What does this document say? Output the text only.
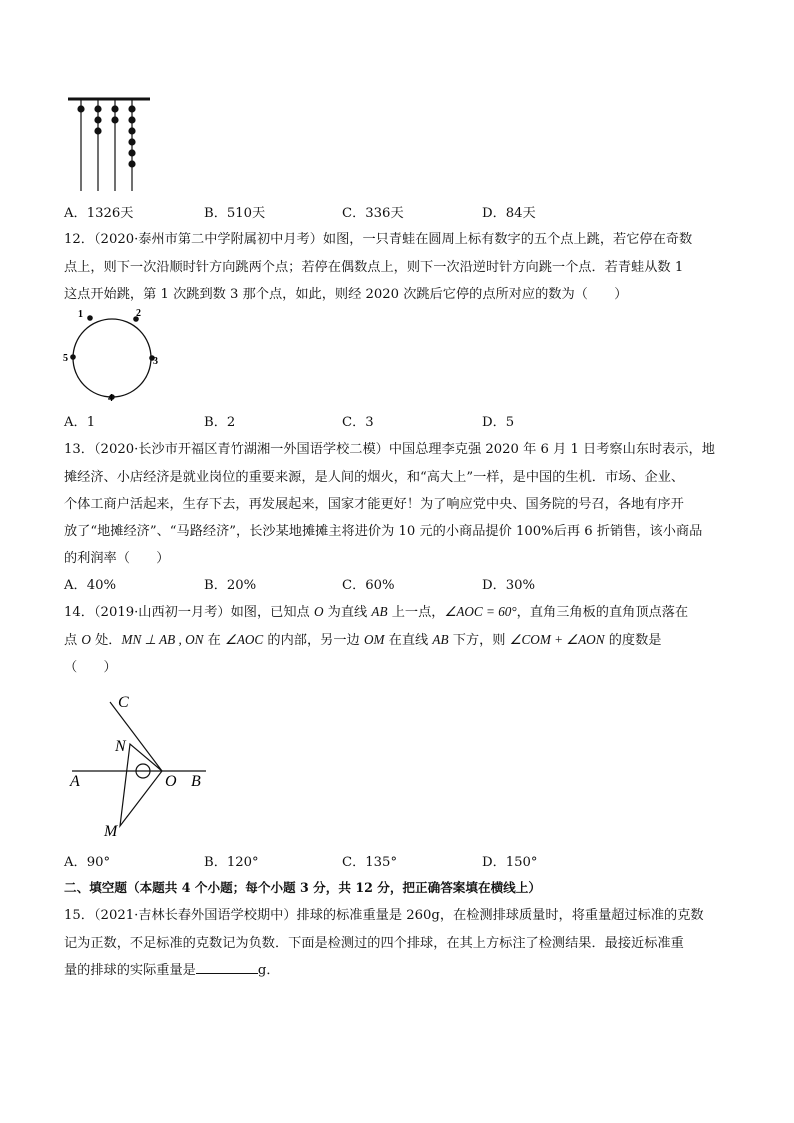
A．1326天	B．510天	C．336天	D．84天
12．（2020·泰州市第二中学附属初中月考）如图，一只青蛙在圆周上标有数字的五个点上跳，若它停在奇数
点上，则下一次沿顺时针方向跳两个点；若停在偶数点上，则下一次沿逆时针方向跳一个点．若青蛙从数 1
这点开始跳，第 1 次跳到数 3 那个点，如此，则经 2020 次跳后它停的点所对应的数为（　　）
1	2
3
4
5
A．1	B．2	C．3	D．5
13．（2020·长沙市开福区青竹湖湘一外国语学校二模）中国总理李克强 2020 年 6 月 1 日考察山东时表示，地
摊经济、小店经济是就业岗位的重要来源，是人间的烟火，和“高大上”一样，是中国的生机．市场、企业、
个体工商户活起来，生存下去，再发展起来，国家才能更好！为了响应党中央、国务院的号召，各地有序开
放了“地摊经济”、“马路经济”，长沙某地摊摊主将进价为 10 元的小商品提价 100%后再 6 折销售，该小商品
的利润率（　　）
A．40%	B．20%	C．60%	D．30%
14．（2019·山西初一月考）如图，已知点 O 为直线 AB 上一点，∠AOC = 60°，直角三角板的直角顶点落在
点 O 处．MN ⊥ AB , ON 在 ∠AOC 的内部，另一边 OM 在直线 AB 下方，则 ∠COM + ∠AON 的度数是
（　　）
C
N
A	O B
M
A．90°	B．120°	C．135°	D．150°
二、填空题（本题共 4 个小题；每个小题 3 分，共 12 分，把正确答案填在横线上）
15．（2021·吉林长春外国语学校期中）排球的标准重量是 260g，在检测排球质量时，将重量超过标准的克数
记为正数，不足标准的克数记为负数．下面是检测过的四个排球，在其上方标注了检测结果．最接近标准重
量的排球的实际重量是	g．
